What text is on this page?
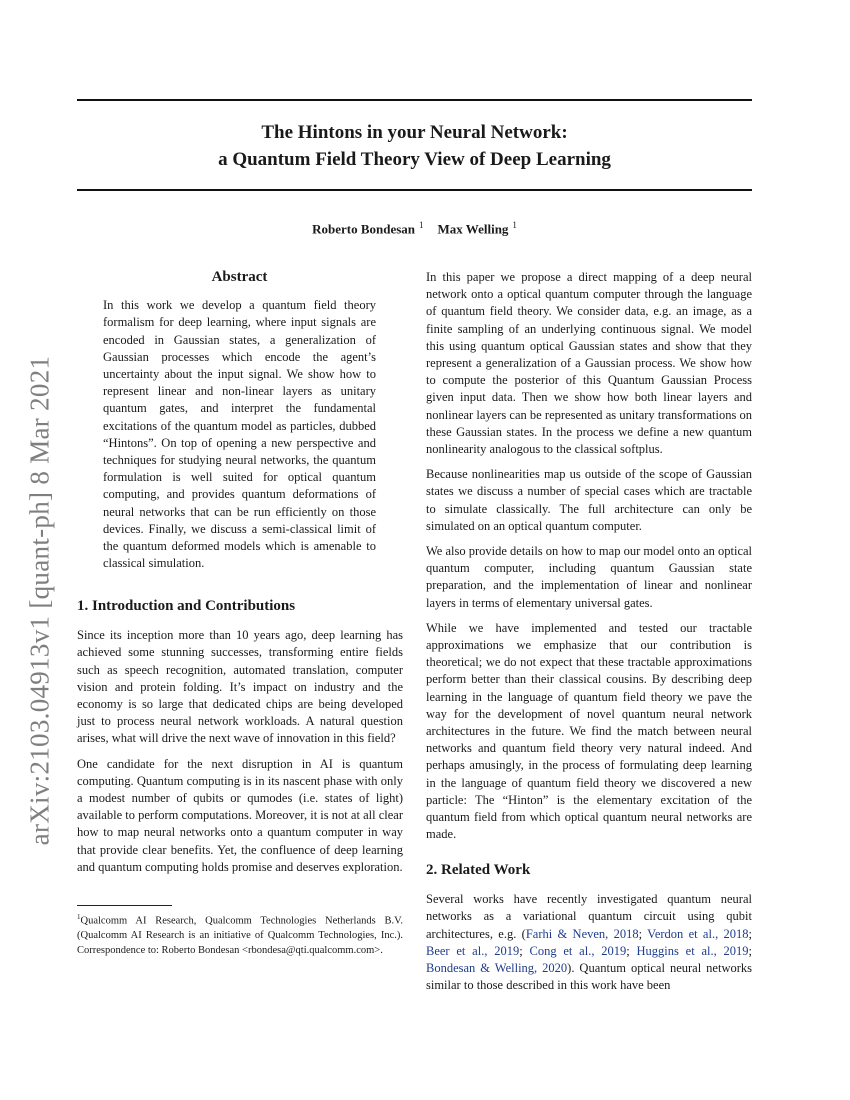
The Hintons in your Neural Network:
a Quantum Field Theory View of Deep Learning
Roberto Bondesan $^1$ Max Welling $^1$
arXiv:2103.04913v1 [quant-ph] 8 Mar 2021
Abstract

In this work we develop a quantum field theory formalism for deep learning, where input signals are encoded in Gaussian states, a generalization of Gaussian processes which encode the agent’s uncertainty about the input signal. We show how to represent linear and non-linear layers as unitary quantum gates, and interpret the fundamental excitations of the quantum model as particles, dubbed “Hintons”. On top of opening a new perspective and techniques for studying neural networks, the quantum formulation is well suited for optical quantum computing, and provides quantum deformations of neural networks that can be run efficiently on those devices. Finally, we discuss a semi-classical limit of the quantum deformed models which is amenable to classical simulation.

1. Introduction and Contributions

Since its inception more than 10 years ago, deep learning has achieved some stunning successes, transforming entire fields such as speech recognition, automated translation, computer vision and protein folding. It’s impact on industry and the economy is so large that dedicated chips are being developed just to process neural network workloads. A natural question arises, what will drive the next wave of innovation in this field?

One candidate for the next disruption in AI is quantum computing. Quantum computing is in its nascent phase with only a modest number of qubits or qumodes (i.e. states of light) available to perform computations. Moreover, it is not at all clear how to map neural networks onto a quantum computer in way that provide clear benefits. Yet, the confluence of deep learning and quantum computing holds promise and deserves exploration.

$^1$Qualcomm AI Research, Qualcomm Technologies Netherlands B.V. (Qualcomm AI Research is an initiative of Qualcomm Technologies, Inc.). Correspondence to: Roberto Bondesan <rbondesa@qti.qualcomm.com>.

In this paper we propose a direct mapping of a deep neural network onto a optical quantum computer through the language of quantum field theory. We consider data, e.g. an image, as a finite sampling of an underlying continuous signal. We model this using quantum optical Gaussian states and show that they represent a generalization of a Gaussian process. We show how to compute the posterior of this Quantum Gaussian Process given input data. Then we show how both linear layers and nonlinear layers can be represented as unitary transformations on these Gaussian states. In the process we define a new quantum nonlinearity analogous to the classical softplus.

Because nonlinearities map us outside of the scope of Gaussian states we discuss a number of special cases which are tractable to simulate classically. The full architecture can only be simulated on an optical quantum computer.

We also provide details on how to map our model onto an optical quantum computer, including quantum Gaussian state preparation, and the implementation of linear and nonlinear layers in terms of elementary universal gates.

While we have implemented and tested our tractable approximations we emphasize that our contribution is theoretical; we do not expect that these tractable approximations perform better than their classical cousins. By describing deep learning in the language of quantum field theory we pave the way for the development of novel quantum neural network architectures in the future. We find the match between neural networks and quantum field theory very natural indeed. And perhaps amusingly, in the process of formulating deep learning in the language of quantum field theory we discovered a new particle: The “Hinton” is the elementary excitation of the quantum field from which optical quantum neural networks are made.

2. Related Work

Several works have recently investigated quantum neural networks as a variational quantum circuit using qubit architectures, e.g. (Farhi & Neven, 2018; Verdon et al., 2018; Beer et al., 2019; Cong et al., 2019; Huggins et al., 2019; Bondesan & Welling, 2020). Quantum optical neural networks similar to those described in this work have been
